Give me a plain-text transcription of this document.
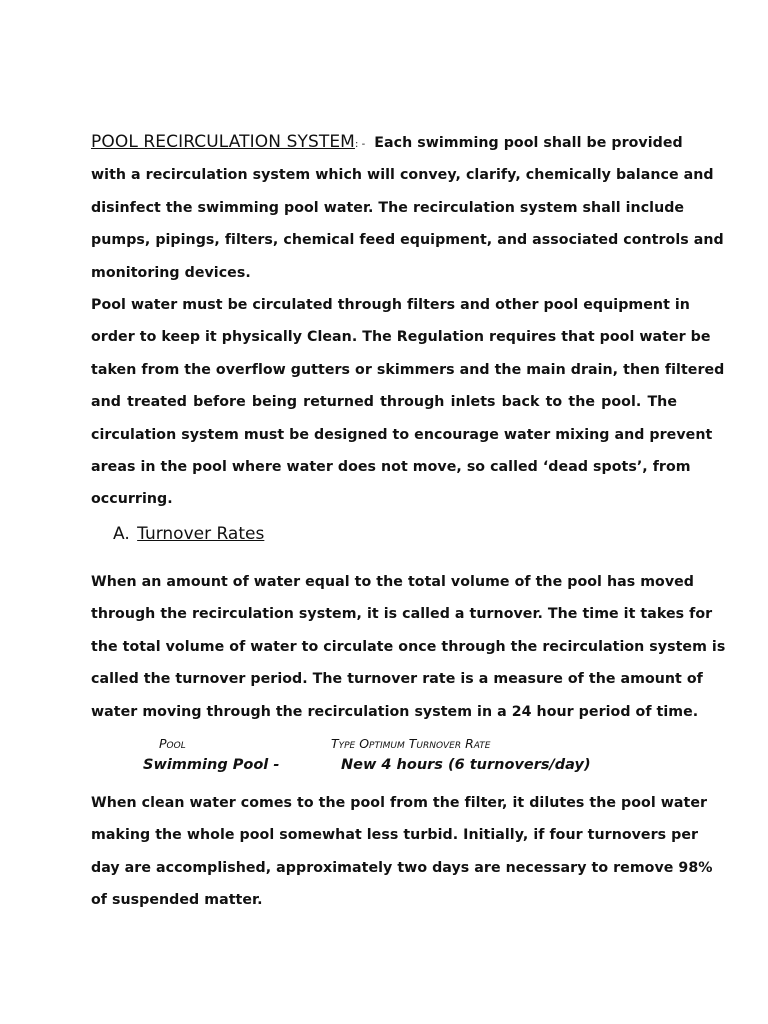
POOL RECIRCULATION SYSTEM: - Each swimming pool shall be provided
with a recirculation system which will convey, clarify, chemically balance and
disinfect the swimming pool water. The recirculation system shall include
pumps, pipings, filters, chemical feed equipment, and associated controls and
monitoring devices.
Pool water must be circulated through filters and other pool equipment in
order to keep it physically Clean. The Regulation requires that pool water be
taken from the overflow gutters or skimmers and the main drain, then filtered
and treated before being returned through inlets back to the pool. The
circulation system must be designed to encourage water mixing and prevent
areas in the pool where water does not move, so called ‘dead spots’, from
occurring.
A. Turnover Rates
When an amount of water equal to the total volume of the pool has moved
through the recirculation system, it is called a turnover. The time it takes for
the total volume of water to circulate once through the recirculation system is
called the turnover period. The turnover rate is a measure of the amount of
water moving through the recirculation system in a 24 hour period of time.
Pool	Type Optimum Turnover Rate
Swimming Pool -	New 4 hours (6 turnovers/day)
When clean water comes to the pool from the filter, it dilutes the pool water
making the whole pool somewhat less turbid. Initially, if four turnovers per
day are accomplished, approximately two days are necessary to remove 98%
of suspended matter.
